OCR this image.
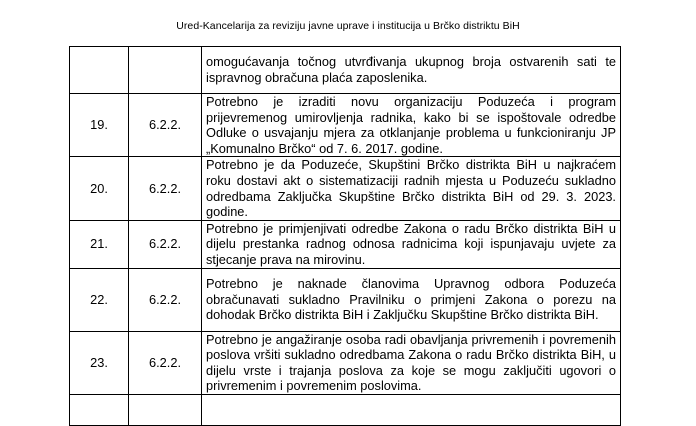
Ured-Kancelarija za reviziju javne uprave i institucija u Brčko distriktu BiH
		omogućavanja točnog utvrđivanja ukupnog broja ostvarenih sati te ispravnog obračuna plaća zaposlenika.
19.	6.2.2.	Potrebno je izraditi novu organizaciju Poduzeća i program prijevremenog umirovljenja radnika, kako bi se ispoštovale odredbe Odluke o usvajanju mjera za otklanjanje problema u funkcioniranju JP „Komunalno Brčko“ od 7. 6. 2017. godine.
20.	6.2.2.	Potrebno je da Poduzeće, Skupštini Brčko distrikta BiH u najkraćem roku dostavi akt o sistematizaciji radnih mjesta u Poduzeću sukladno odredbama Zaključka Skupštine Brčko distrikta BiH od 29. 3. 2023. godine.
21.	6.2.2.	Potrebno je primjenjivati odredbe Zakona o radu Brčko distrikta BiH u dijelu prestanka radnog odnosa radnicima koji ispunjavaju uvjete za stjecanje prava na mirovinu.
22.	6.2.2.	Potrebno je naknade članovima Upravnog odbora Poduzeća obračunavati sukladno Pravilniku o primjeni Zakona o porezu na dohodak Brčko distrikta BiH i Zaključku Skupštine Brčko distrikta BiH.
23.	6.2.2.	Potrebno je angažiranje osoba radi obavljanja privremenih i povremenih poslova vršiti sukladno odredbama Zakona o radu Brčko distrikta BiH, u dijelu vrste i trajanja poslova za koje se mogu zaključiti ugovori o privremenim i povremenim poslovima.
